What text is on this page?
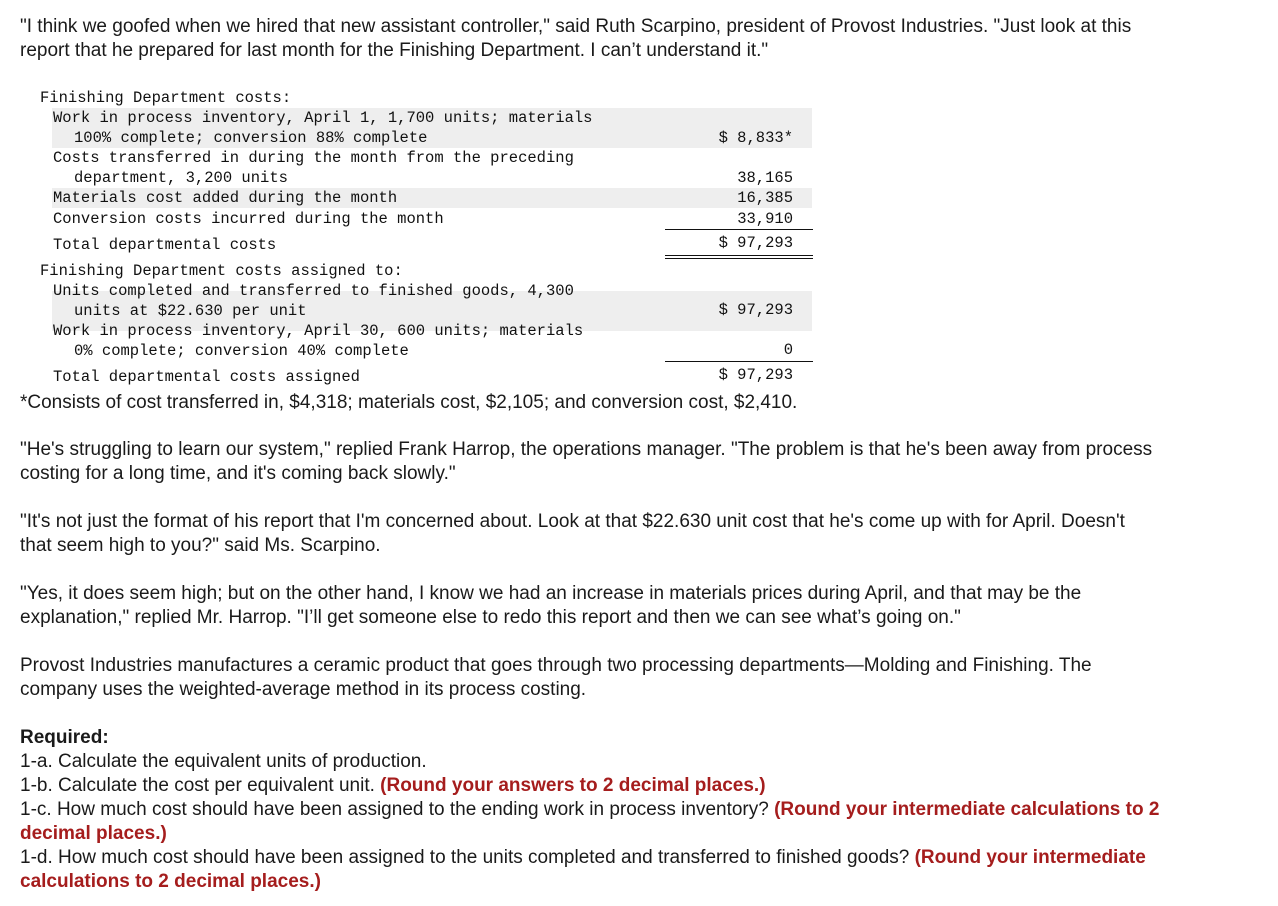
"I think we goofed when we hired that new assistant controller," said Ruth Scarpino, president of Provost Industries. "Just look at this
report that he prepared for last month for the Finishing Department. I can’t understand it."
Finishing Department costs:
Work in process inventory, April 1, 1,700 units; materials
100% complete; conversion 88% complete	$ 8,833*
Costs transferred in during the month from the preceding
department, 3,200 units	38,165
Materials cost added during the month	16,385
Conversion costs incurred during the month	33,910
Total departmental costs	$ 97,293
Finishing Department costs assigned to:
Units completed and transferred to finished goods, 4,300
units at $22.630 per unit	$ 97,293
Work in process inventory, April 30, 600 units; materials
0% complete; conversion 40% complete	0
Total departmental costs assigned	$ 97,293
*Consists of cost transferred in, $4,318; materials cost, $2,105; and conversion cost, $2,410.
"He's struggling to learn our system," replied Frank Harrop, the operations manager. "The problem is that he's been away from process
costing for a long time, and it's coming back slowly."
"It's not just the format of his report that I'm concerned about. Look at that $22.630 unit cost that he's come up with for April. Doesn't
that seem high to you?" said Ms. Scarpino.
"Yes, it does seem high; but on the other hand, I know we had an increase in materials prices during April, and that may be the
explanation," replied Mr. Harrop. "I’ll get someone else to redo this report and then we can see what’s going on."
Provost Industries manufactures a ceramic product that goes through two processing departments—Molding and Finishing. The
company uses the weighted-average method in its process costing.
Required:
1-a. Calculate the equivalent units of production.
1-b. Calculate the cost per equivalent unit. (Round your answers to 2 decimal places.)
1-c. How much cost should have been assigned to the ending work in process inventory? (Round your intermediate calculations to 2
decimal places.)
1-d. How much cost should have been assigned to the units completed and transferred to finished goods? (Round your intermediate
calculations to 2 decimal places.)
